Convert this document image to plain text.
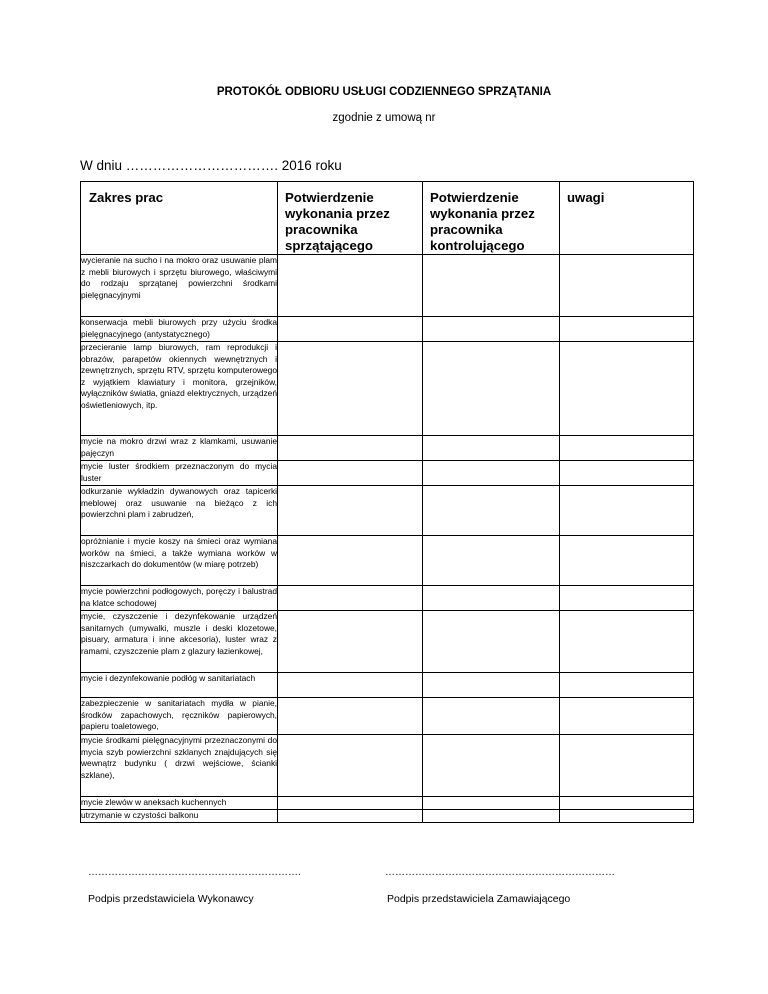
PROTOKÓŁ ODBIORU USŁUGI CODZIENNEGO SPRZĄTANIA
zgodnie z umową nr
W dniu ……………………………. 2016 roku
Zakres prac	Potwierdzenie wykonania przez pracownika sprzątającego	Potwierdzenie wykonania przez pracownika kontrolującego	uwagi
wycieranie na sucho i na mokro oraz usuwanie plam z mebli biurowych i sprzętu biurowego, właściwymi do rodzaju sprzątanej powierzchni środkami pielęgnacyjnymi			
konserwacja mebli biurowych przy użyciu środka pielęgnacyjnego (antystatycznego)			
przecieranie lamp biurowych, ram reprodukcji i obrazów, parapetów okiennych wewnętrznych i zewnętrznych, sprzętu RTV, sprzętu komputerowego z wyjątkiem klawiatury i monitora, grzejników, wyłączników światła, gniazd elektrycznych, urządzeń oświetleniowych, itp.			
mycie na mokro drzwi wraz z klamkami, usuwanie pajęczyn			
mycie luster środkiem przeznaczonym do mycia luster			
odkurzanie wykładzin dywanowych oraz tapicerki meblowej oraz usuwanie na bieżąco z ich powierzchni plam i zabrudzeń,			
opróżnianie i mycie koszy na śmieci oraz wymiana worków na śmieci, a także wymiana worków w niszczarkach do dokumentów (w miarę potrzeb)			
mycie powierzchni podłogowych, poręczy i balustrad na klatce schodowej			
mycie, czyszczenie i dezynfekowanie urządzeń sanitarnych (umywalki, muszle i deski klozetowe, pisuary, armatura i inne akcesoria), luster wraz z ramami, czyszczenie plam z glazury łazienkowej,			
mycie i dezynfekowanie podłóg w sanitariatach			
zabezpieczenie w sanitariatach mydła w pianie, środków zapachowych, ręczników papierowych, papieru toaletowego,			
mycie środkami pielęgnacyjnymi przeznaczonymi do mycia szyb powierzchni szklanych znajdujących się wewnątrz budynku ( drzwi wejściowe, ścianki szklane),			
mycie zlewów w aneksach kuchennych			
utrzymanie w czystości balkonu			
……………………………………………………….	……………………………………………………………
Podpis przedstawiciela Wykonawcy	Podpis przedstawiciela Zamawiającego
